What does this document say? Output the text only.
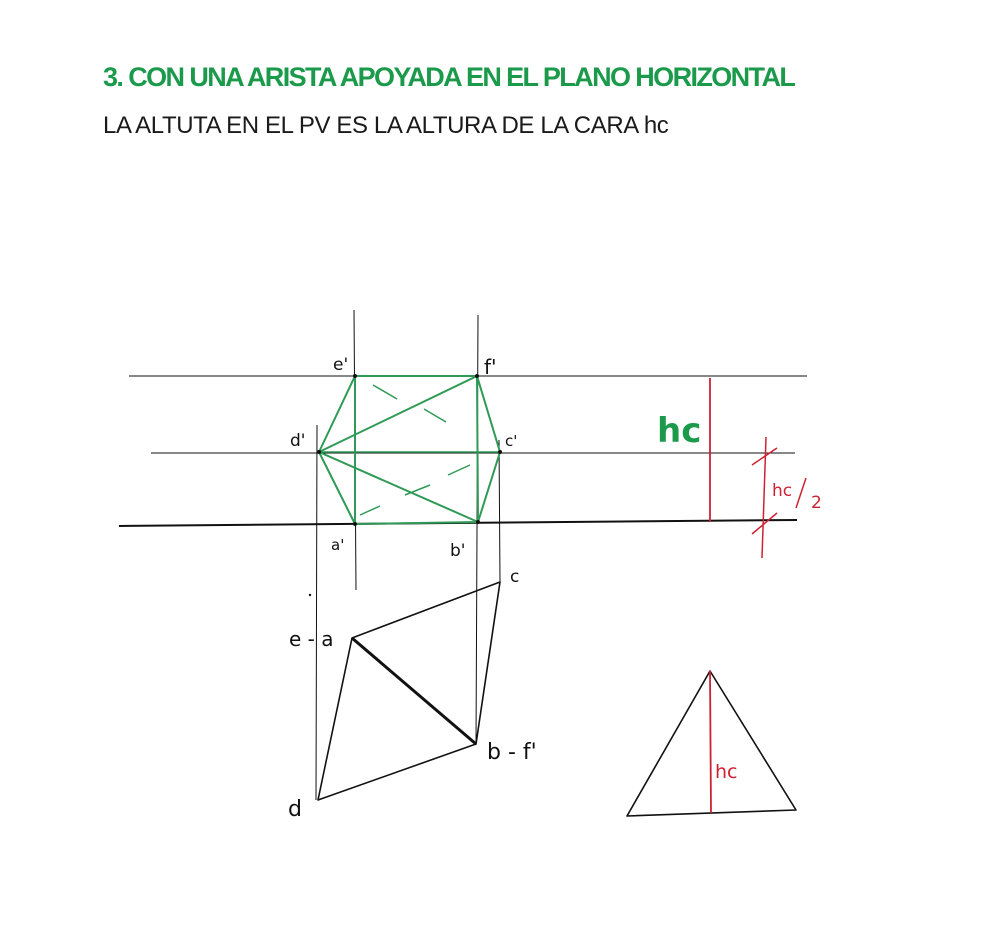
3. CON UNA ARISTA APOYADA EN EL PLANO HORIZONTAL
LA ALTUTA EN EL PV ES LA ALTURA DE LA CARA hc
e'	f'
d'	c'
a'	b'
c
e - a
b - f'
d
hc
hc
2
hc
